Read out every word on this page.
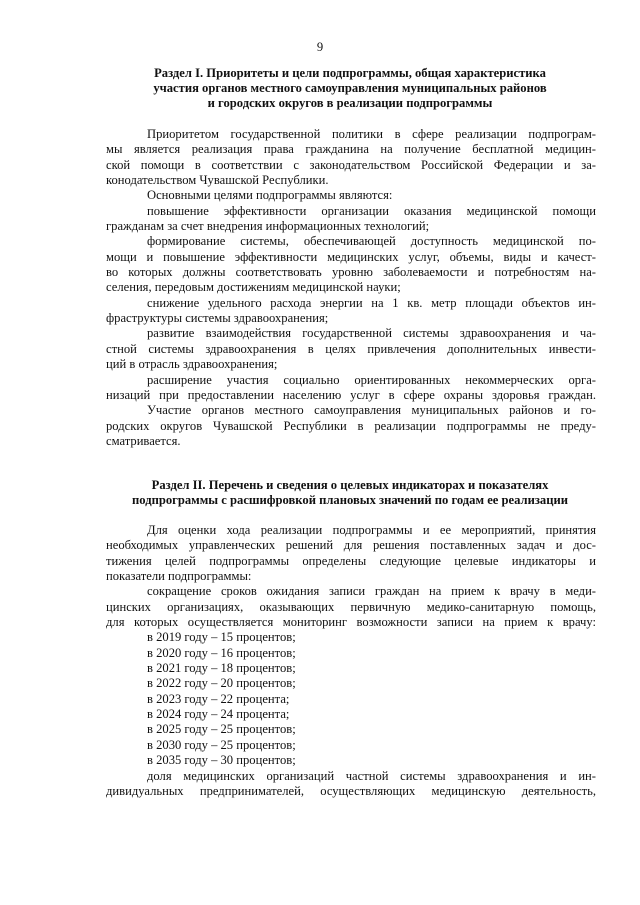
9
Раздел I. Приоритеты и цели подпрограммы, общая характеристика
участия органов местного самоуправления муниципальных районов
и городских округов в реализации подпрограммы
Приоритетом государственной политики в сфере реализации подпрограм-
мы является реализация права гражданина на получение бесплатной медицин-
ской помощи в соответствии с законодательством Российской Федерации и за-
конодательством Чувашской Республики.
Основными целями подпрограммы являются:
повышение эффективности организации оказания медицинской помощи
гражданам за счет внедрения информационных технологий;
формирование системы, обеспечивающей доступность медицинской по-
мощи и повышение эффективности медицинских услуг, объемы, виды и качест-
во которых должны соответствовать уровню заболеваемости и потребностям на-
селения, передовым достижениям медицинской науки;
снижение удельного расхода энергии на 1 кв. метр площади объектов ин-
фраструктуры системы здравоохранения;
развитие взаимодействия государственной системы здравоохранения и ча-
стной системы здравоохранения в целях привлечения дополнительных инвести-
ций в отрасль здравоохранения;
расширение участия социально ориентированных некоммерческих орга-
низаций при предоставлении населению услуг в сфере охраны здоровья граждан.
Участие органов местного самоуправления муниципальных районов и го-
родских округов Чувашской Республики в реализации подпрограммы не преду-
сматривается.
Раздел II. Перечень и сведения о целевых индикаторах и показателях
подпрограммы с расшифровкой плановых значений по годам ее реализации
Для оценки хода реализации подпрограммы и ее мероприятий, принятия
необходимых управленческих решений для решения поставленных задач и дос-
тижения целей подпрограммы определены следующие целевые индикаторы и
показатели подпрограммы:
сокращение сроков ожидания записи граждан на прием к врачу в меди-
цинских организациях, оказывающих первичную медико-санитарную помощь,
для которых осуществляется мониторинг возможности записи на прием к врачу:
в 2019 году – 15 процентов;
в 2020 году – 16 процентов;
в 2021 году – 18 процентов;
в 2022 году – 20 процентов;
в 2023 году – 22 процента;
в 2024 году – 24 процента;
в 2025 году – 25 процентов;
в 2030 году – 25 процентов;
в 2035 году – 30 процентов;
доля медицинских организаций частной системы здравоохранения и ин-
дивидуальных предпринимателей, осуществляющих медицинскую деятельность,
